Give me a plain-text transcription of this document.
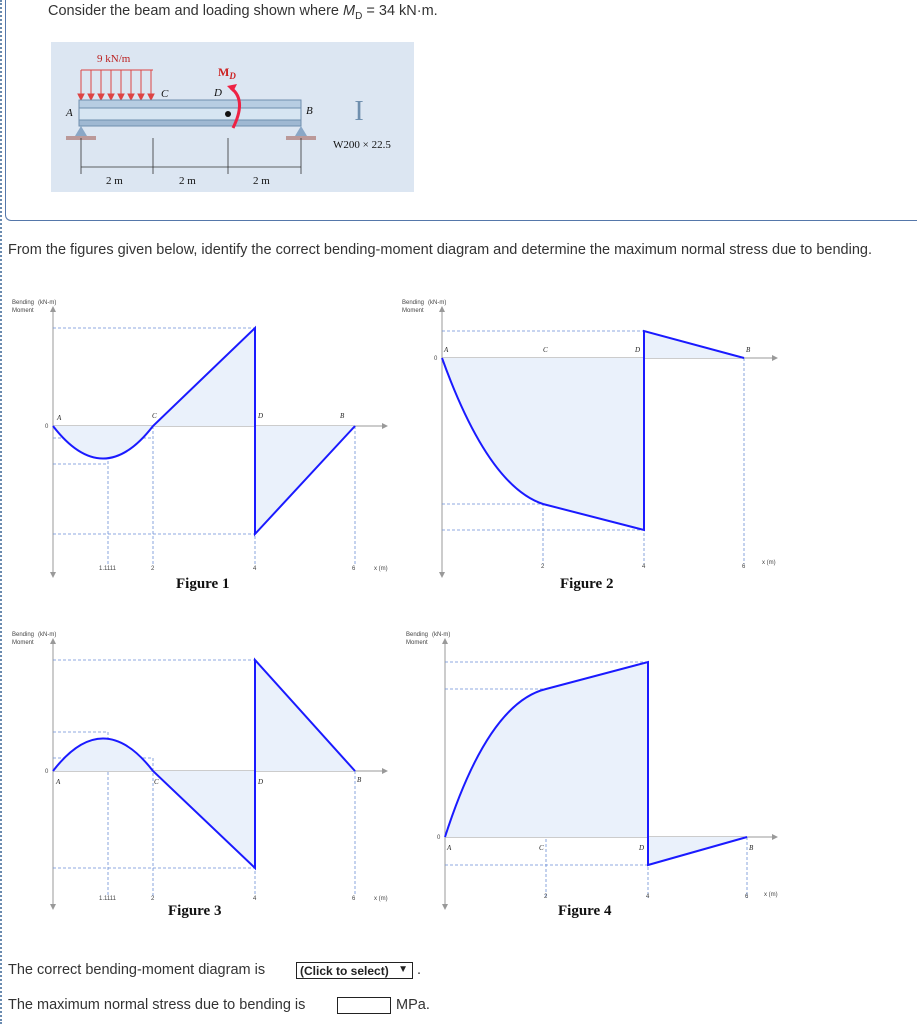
Consider the beam and loading shown where $M_D = 34$ kN·m.
9 kN/m
A
C	D
B
$M_D$
I
W200 × 22.5
2 m	2 m	2 m
From the figures given below, identify the correct bending-moment diagram and determine the maximum normal stress due to bending.
Bending (kN-m)
Moment
0
A	C	D	B
1.1111	2	4	6	x (m)
Figure 1
Bending (kN-m)
Moment
0
A	C	D	B
2	4	6
x (m)
Figure 2
Bending (kN-m)
Moment
0
A	C	D	B
1.1111	2	4	6	x (m)
Figure 3
Bending (kN-m)
Moment
0
A	C	D	B
2	4	6	x (m)
Figure 4
The correct bending-moment diagram is	(Click to select) ▼ .
The maximum normal stress due to bending is	MPa.
